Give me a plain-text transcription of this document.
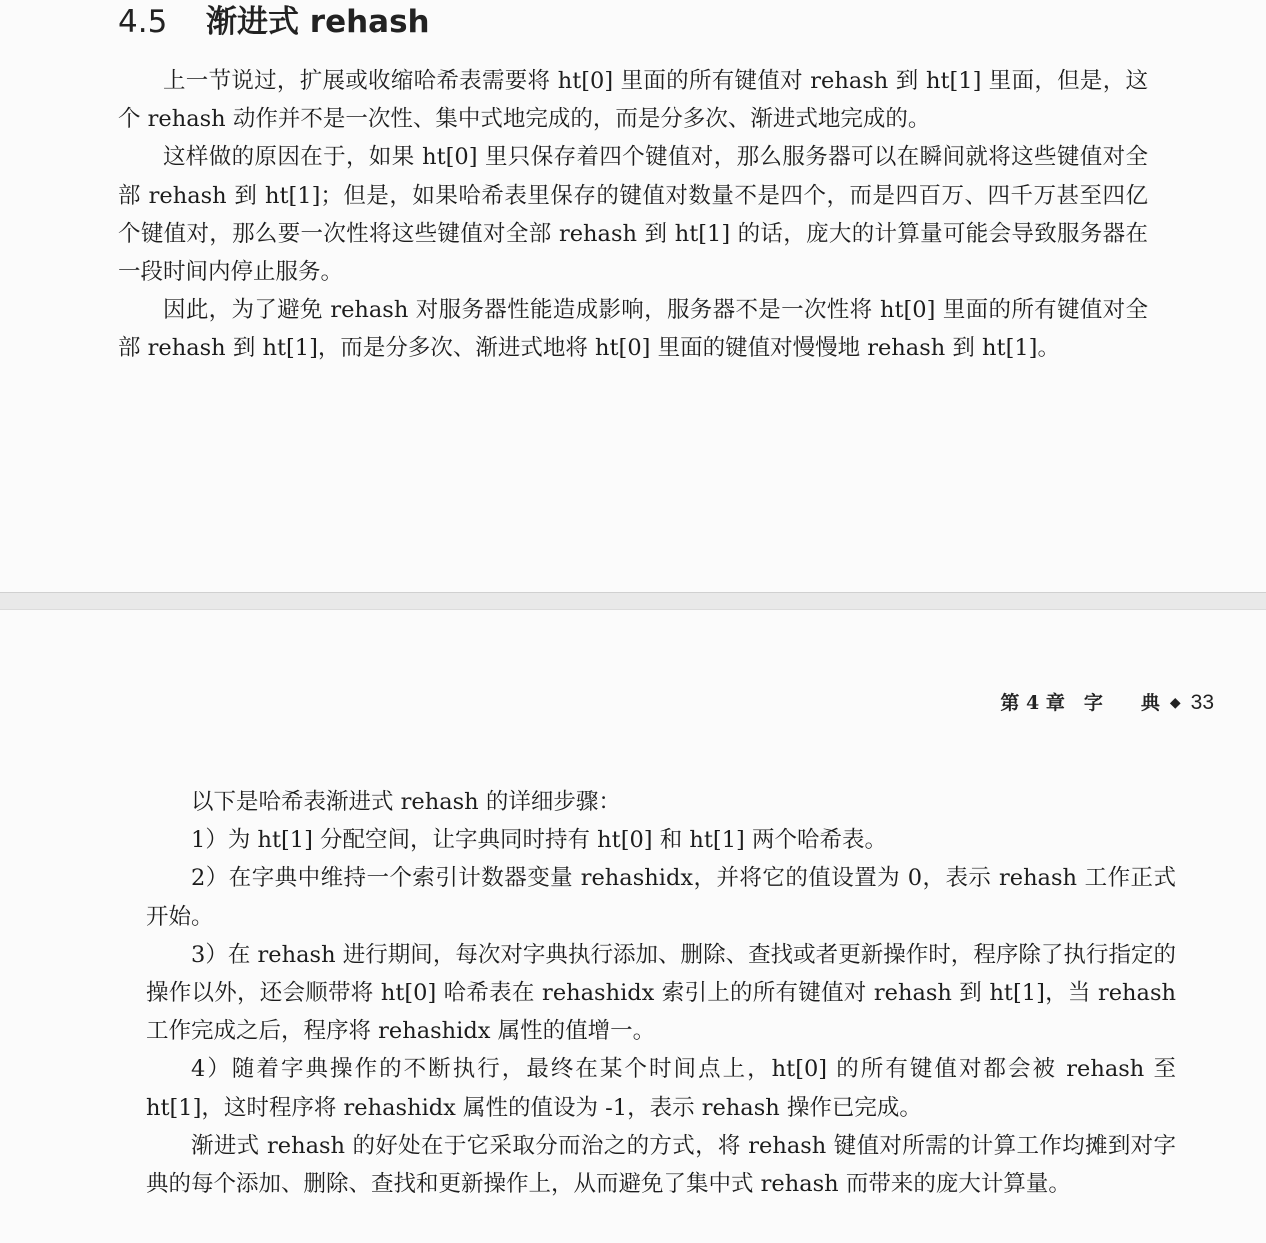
4.5 渐进式 rehash

上一节说过，扩展或收缩哈希表需要将 ht[0] 里面的所有键值对 rehash 到 ht[1] 里面，但是，这个 rehash 动作并不是一次性、集中式地完成的，而是分多次、渐进式地完成的。

这样做的原因在于，如果 ht[0] 里只保存着四个键值对，那么服务器可以在瞬间就将这些键值对全部 rehash 到 ht[1]；但是，如果哈希表里保存的键值对数量不是四个，而是四百万、四千万甚至四亿个键值对，那么要一次性将这些键值对全部 rehash 到 ht[1] 的话，庞大的计算量可能会导致服务器在一段时间内停止服务。

因此，为了避免 rehash 对服务器性能造成影响，服务器不是一次性将 ht[0] 里面的所有键值对全部 rehash 到 ht[1]，而是分多次、渐进式地将 ht[0] 里面的键值对慢慢地 rehash 到 ht[1]。

第 4 章　字　　典 ◆ 33

以下是哈希表渐进式 rehash 的详细步骤：

1）为 ht[1] 分配空间，让字典同时持有 ht[0] 和 ht[1] 两个哈希表。

2）在字典中维持一个索引计数器变量 rehashidx，并将它的值设置为 0，表示 rehash 工作正式开始。

3）在 rehash 进行期间，每次对字典执行添加、删除、查找或者更新操作时，程序除了执行指定的操作以外，还会顺带将 ht[0] 哈希表在 rehashidx 索引上的所有键值对 rehash 到 ht[1]，当 rehash 工作完成之后，程序将 rehashidx 属性的值增一。

4）随着字典操作的不断执行，最终在某个时间点上，ht[0] 的所有键值对都会被 rehash 至 ht[1]，这时程序将 rehashidx 属性的值设为 -1，表示 rehash 操作已完成。

渐进式 rehash 的好处在于它采取分而治之的方式，将 rehash 键值对所需的计算工作均摊到对字典的每个添加、删除、查找和更新操作上，从而避免了集中式 rehash 而带来的庞大计算量。
